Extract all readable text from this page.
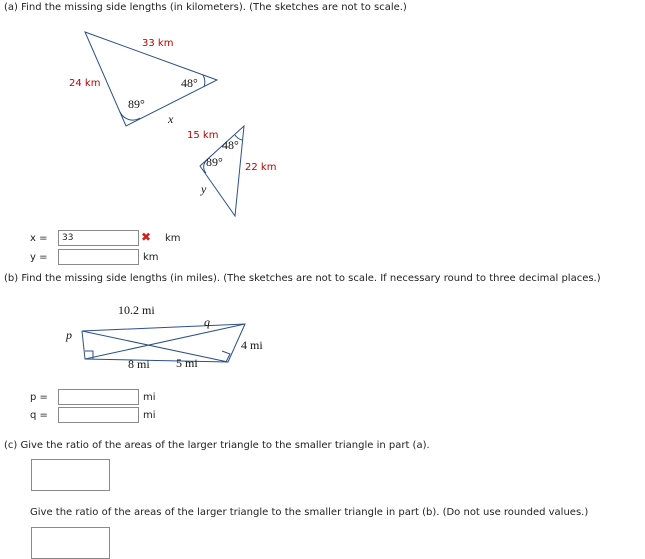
(a) Find the missing side lengths (in kilometers). (The sketches are not to scale.)
33 km
24 km	48°
89°
x
15 km
48°
89° 22 km
y
x =
33	✖ km
y =	km
(b) Find the missing side lengths (in miles). (The sketches are not to scale. If necessary round to three decimal places.)
10.2 mi
p
q
4 mi
8 mi 5 mi
p =	mi
q =	mi
(c) Give the ratio of the areas of the larger triangle to the smaller triangle in part (a).
Give the ratio of the areas of the larger triangle to the smaller triangle in part (b). (Do not use rounded values.)
